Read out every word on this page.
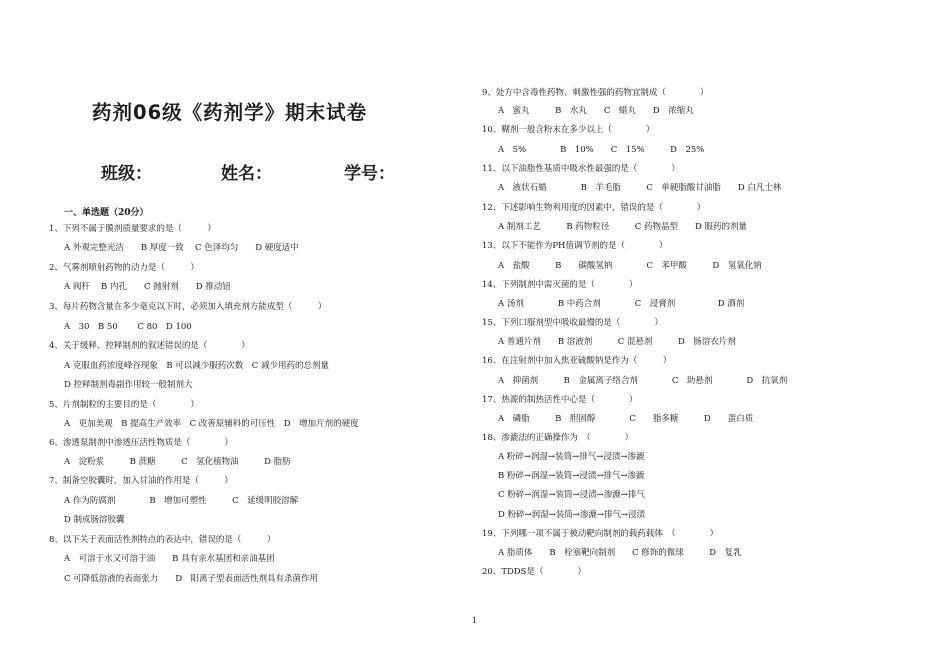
药剂06级《药剂学》期末试卷
班级：	姓名：	学号：
一、单选题（20分）
1、下列不属于膜剂质量要求的是（　　　）
A 外观完整光洁　　B 厚度一致　 C 色泽均匀　　D 硬度适中
2、气雾剂喷射药物的动力是（　　　）
A 阀杆　 B 内孔　　C 抛射剂　　D 推动钮
3、每片药物含量在多少毫克以下时，必须加入填充剂方能成型（　　　）
A　30　B 50　　 C 80　D 100
4、关于缓释、控释制剂的叙述错误的是（　　　　）
A 克服血药浓度峰谷现象　B 可以减少服药次数　C 减少用药的总剂量
D 控释制剂毒副作用较一般制剂大
5、片剂制粒的主要目的是（　　　　）
A　更加美观　B 提高生产效率　C 改善原辅料的可压性　D　增加片剂的硬度
6、渗透泵制剂中渗透压活性物质是（　　　　）
A　淀粉浆　　　B 蔗糖　　　C　氢化植物油　　　D 脂肪
7、制备空胶囊时，加入甘油的作用是（　　　）
A 作为防腐剂　　　　B　增加可塑性　　　C　延缓明胶溶解
D 制成肠溶胶囊
8、以下关于表面活性剂特点的表达中，错误的是（　　　）
A　可溶于水又可溶于油　　B 具有亲水基团和亲油基团
C 可降低溶液的表面张力　　D　阳离子型表面活性剂具有杀菌作用
9、处方中含毒性药物、刺激性强的药物宜制成（　　　　）
A　蜜丸　　　B　水丸　　C　蜡丸　　D　浓缩丸
10、糊剂一般含粉末在多少以上（　　　　）
A　5%　　　　B　10%　　C　15%　　　D　25%
11、以下油脂性基质中吸水性最强的是（　　　　）
A　液状石蜡　　　　B　羊毛脂　　　C　单硬脂酸甘油脂　　D 白凡士林
12、下述影响生物利用度的因素中，错误的是（　　　　）
A 制剂工艺　　　B 药物粒径　　　C 药物晶型　　D 服药的剂量
13、以下不能作为PH值调节剂的是（　　　　）
A　盐酸　　　B　　碳酸氢钠　　　　C　苯甲酸　　　D　氢氧化钠
14、下列制剂中需灭菌的是（　　　　）
A 汤剂　　　　B 中药合剂　　　　C　浸膏剂　　　　　D 酒剂
15、下列口服剂型中吸收最慢的是（　　　　）
A 普通片剂　　B 溶液剂　　　C 混悬剂　　　D　肠溶衣片剂
16、在注射剂中加入焦亚硫酸钠是作为（　　　）
A　抑菌剂　　　B　金属离子络合剂　　　　C　助悬剂　　　　D　抗氧剂
17、热源的制热活性中心是（　　　　）
A　磷脂　　　B　胆固醇　　　　C　　脂多糖　　　D　　蛋白质
18、渗漉法的正确操作为　（　　　　）
A 粉碎→润湿→装筒→排气→浸渍→渗漉
B 粉碎→润湿→装筒→浸渍→排气→渗漉
C 粉碎→润湿→装筒→浸渍→渗漉→排气
D 粉碎→润湿→装筒→渗漉→排气→浸渍
19、下列哪一项不属于被动靶向制剂的载药载体　（　　　　）
A 脂质体　　B　栓塞靶向制剂　　C 修饰的微球　　　D　复乳
20、TDDS是（　　　　）
1
